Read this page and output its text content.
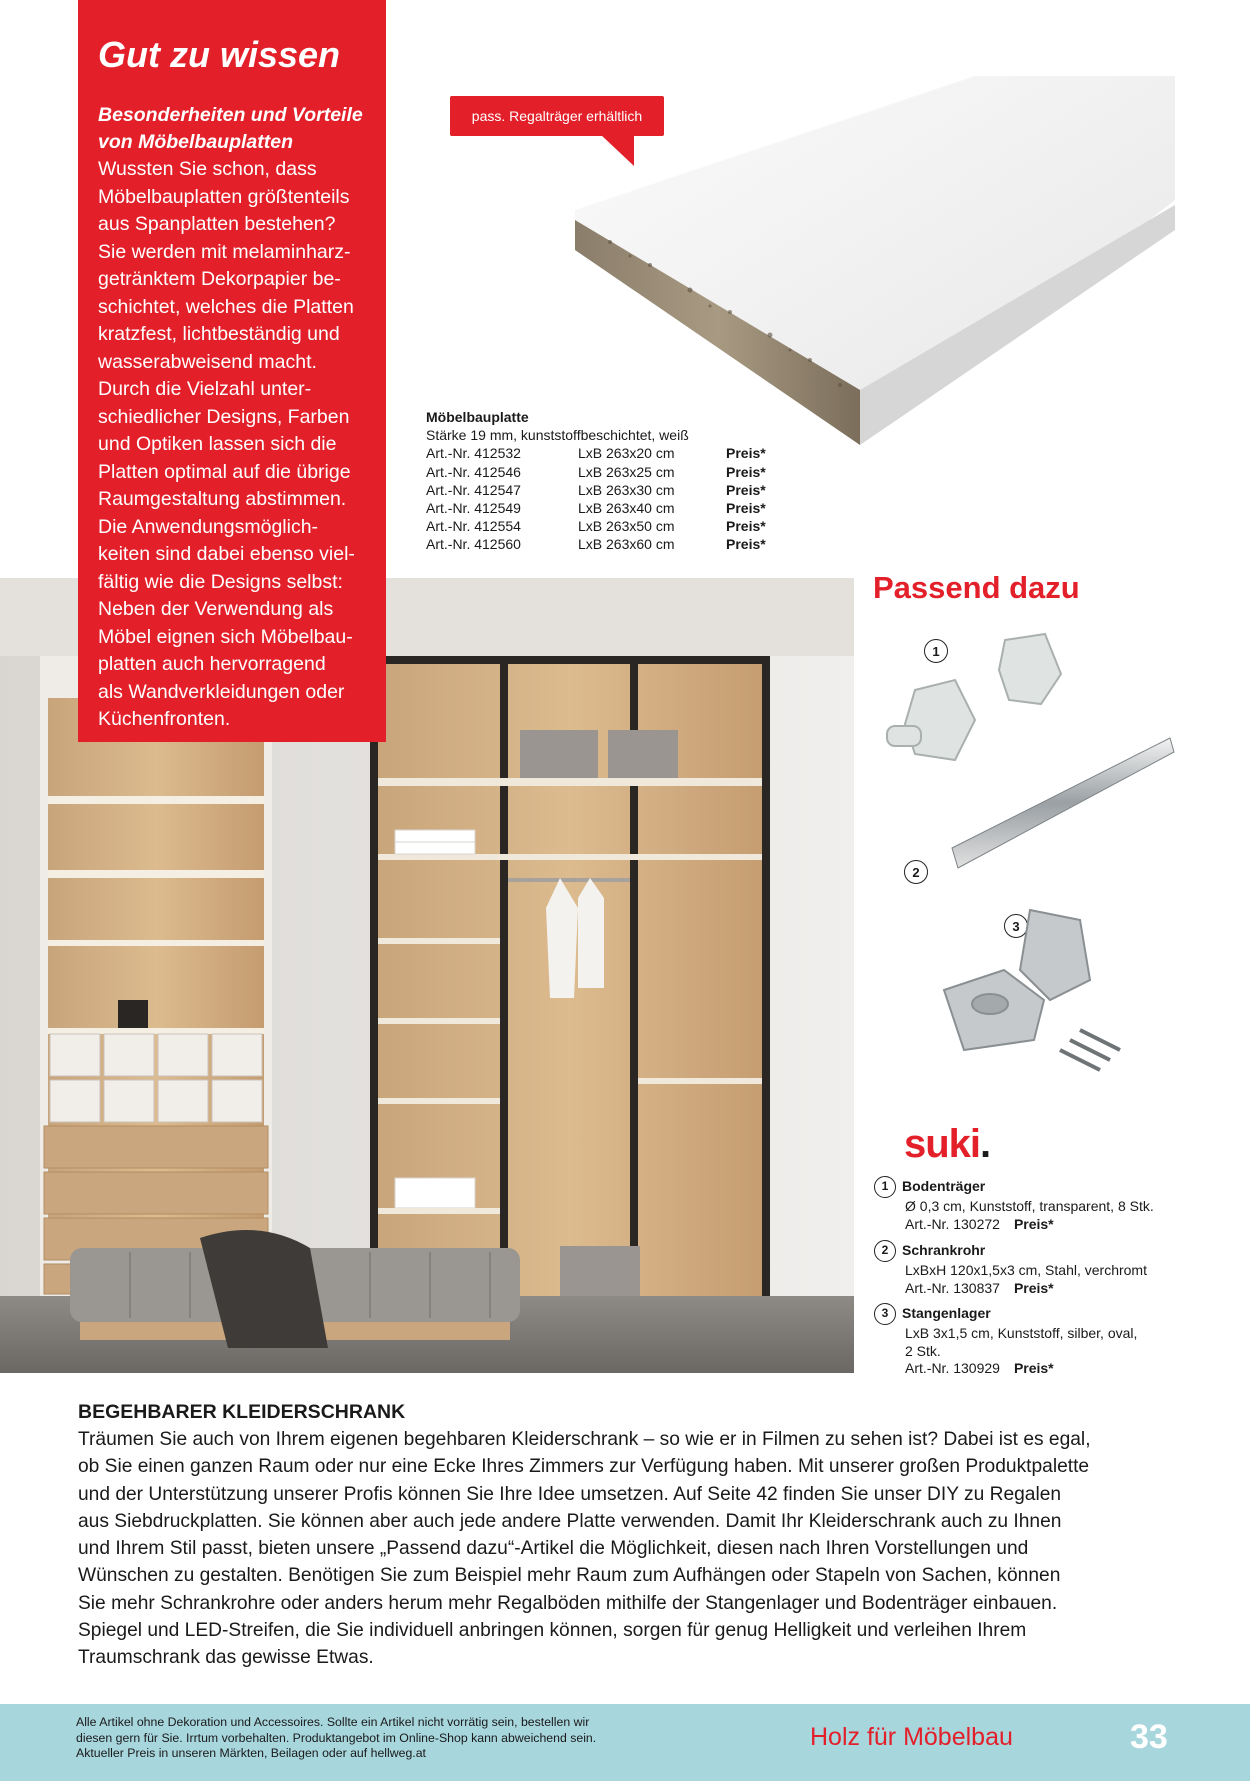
pass. Regalträger erhältlich
Möbelbauplatte
Stärke 19 mm, kunststoffbeschichtet, weiß
Art.-Nr. 412532	LxB 263x20 cm	Preis*
Art.-Nr. 412546	LxB 263x25 cm	Preis*
Art.-Nr. 412547	LxB 263x30 cm	Preis*
Art.-Nr. 412549	LxB 263x40 cm	Preis*
Art.-Nr. 412554	LxB 263x50 cm	Preis*
Art.-Nr. 412560	LxB 263x60 cm	Preis*
Gut zu wissen
Besonderheiten und Vorteile
von Möbelbauplatten
Wussten Sie schon, dass
Möbelbauplatten größtenteils
aus Spanplatten bestehen?
Sie werden mit melaminharz-
getränktem Dekorpapier be-
schichtet, welches die Platten
kratzfest, lichtbeständig und
wasserabweisend macht.
Durch die Vielzahl unter-
schiedlicher Designs, Farben
und Optiken lassen sich die
Platten optimal auf die übrige
Raumgestaltung abstimmen.
Die Anwendungsmöglich-
keiten sind dabei ebenso viel-
fältig wie die Designs selbst:
Neben der Verwendung als
Möbel eignen sich Möbelbau-
platten auch hervorragend
als Wandverkleidungen oder
Küchenfronten.
Passend dazu
1
2
3
suki.
1 Bodenträger
Ø 0,3 cm, Kunststoff, transparent, 8 Stk.
Art.-Nr. 130272 Preis*
2 Schrankrohr
LxBxH 120x1,5x3 cm, Stahl, verchromt
Art.-Nr. 130837 Preis*
3 Stangenlager
LxB 3x1,5 cm, Kunststoff, silber, oval,
2 Stk.
Art.-Nr. 130929 Preis*
BEGEHBARER KLEIDERSCHRANK
Träumen Sie auch von Ihrem eigenen begehbaren Kleiderschrank – so wie er in Filmen zu sehen ist? Dabei ist es egal,
ob Sie einen ganzen Raum oder nur eine Ecke Ihres Zimmers zur Verfügung haben. Mit unserer großen Produktpalette
und der Unterstützung unserer Profis können Sie Ihre Idee umsetzen. Auf Seite 42 finden Sie unser DIY zu Regalen
aus Siebdruckplatten. Sie können aber auch jede andere Platte verwenden. Damit Ihr Kleiderschrank auch zu Ihnen
und Ihrem Stil passt, bieten unsere „Passend dazu“-Artikel die Möglichkeit, diesen nach Ihren Vorstellungen und
Wünschen zu gestalten. Benötigen Sie zum Beispiel mehr Raum zum Aufhängen oder Stapeln von Sachen, können
Sie mehr Schrankrohre oder anders herum mehr Regalböden mithilfe der Stangenlager und Bodenträger einbauen.
Spiegel und LED-Streifen, die Sie individuell anbringen können, sorgen für genug Helligkeit und verleihen Ihrem
Traumschrank das gewisse Etwas.
Alle Artikel ohne Dekoration und Accessoires. Sollte ein Artikel nicht vorrätig sein, bestellen wir
diesen gern für Sie. Irrtum vorbehalten. Produktangebot im Online-Shop kann abweichend sein.
Aktueller Preis in unseren Märkten, Beilagen oder auf hellweg.at
Holz für Möbelbau	33
